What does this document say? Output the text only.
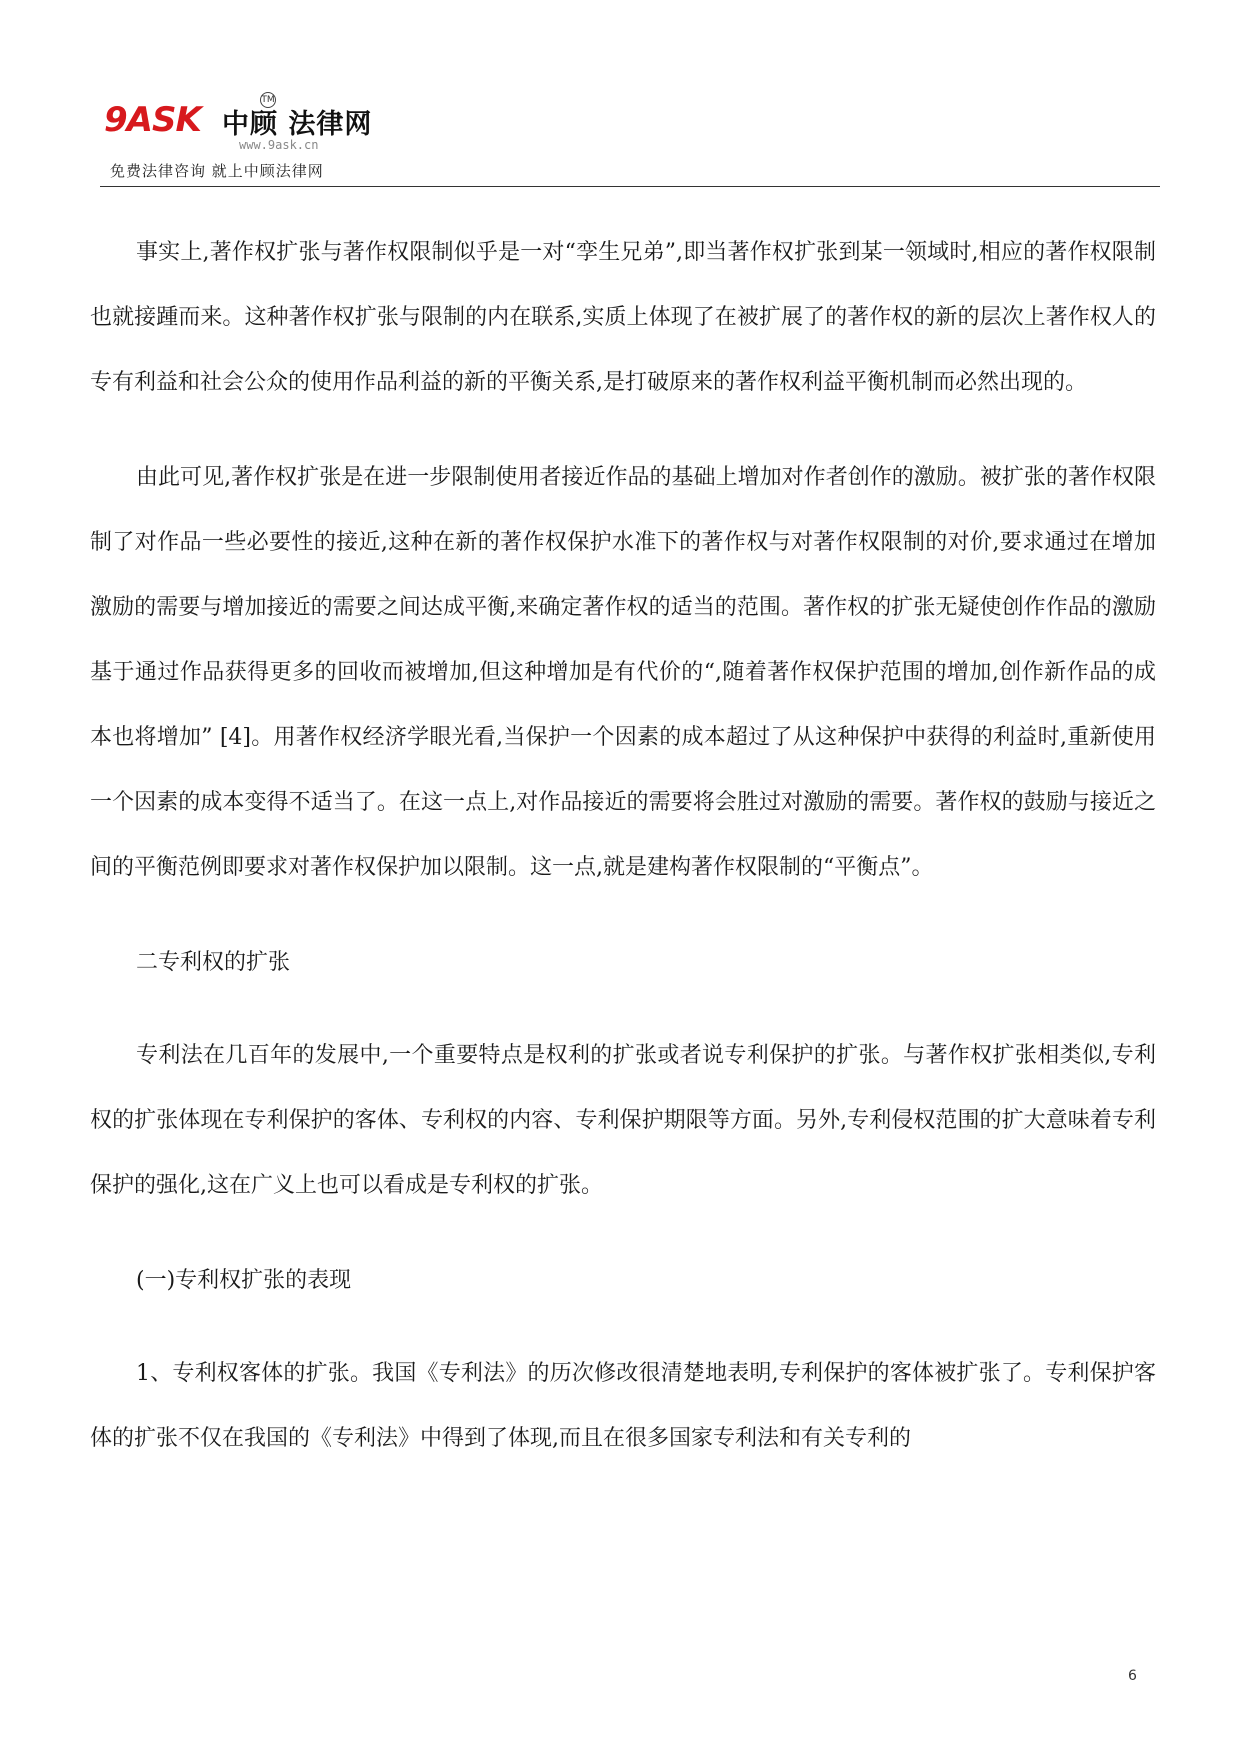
9ASK 中顾 法律网
TM
www.9ask.cn
免费法律咨询 就上中顾法律网

事实上,著作权扩张与著作权限制似乎是一对“孪生兄弟”,即当著作权扩张到某一领域时,相应的著作权限制也就接踵而来。这种著作权扩张与限制的内在联系,实质上体现了在被扩展了的著作权的新的层次上著作权人的专有利益和社会公众的使用作品利益的新的平衡关系,是打破原来的著作权利益平衡机制而必然出现的。

由此可见,著作权扩张是在进一步限制使用者接近作品的基础上增加对作者创作的激励。被扩张的著作权限制了对作品一些必要性的接近,这种在新的著作权保护水准下的著作权与对著作权限制的对价,要求通过在增加激励的需要与增加接近的需要之间达成平衡,来确定著作权的适当的范围。著作权的扩张无疑使创作作品的激励基于通过作品获得更多的回收而被增加,但这种增加是有代价的“,随着著作权保护范围的增加,创作新作品的成本也将增加” [4]。用著作权经济学眼光看,当保护一个因素的成本超过了从这种保护中获得的利益时,重新使用一个因素的成本变得不适当了。在这一点上,对作品接近的需要将会胜过对激励的需要。著作权的鼓励与接近之间的平衡范例即要求对著作权保护加以限制。这一点,就是建构著作权限制的“平衡点”。

二专利权的扩张

专利法在几百年的发展中,一个重要特点是权利的扩张或者说专利保护的扩张。与著作权扩张相类似,专利权的扩张体现在专利保护的客体、专利权的内容、专利保护期限等方面。另外,专利侵权范围的扩大意味着专利保护的强化,这在广义上也可以看成是专利权的扩张。

(一)专利权扩张的表现

1、专利权客体的扩张。我国《专利法》的历次修改很清楚地表明,专利保护的客体被扩张了。专利保护客体的扩张不仅在我国的《专利法》中得到了体现,而且在很多国家专利法和有关专利的

6
